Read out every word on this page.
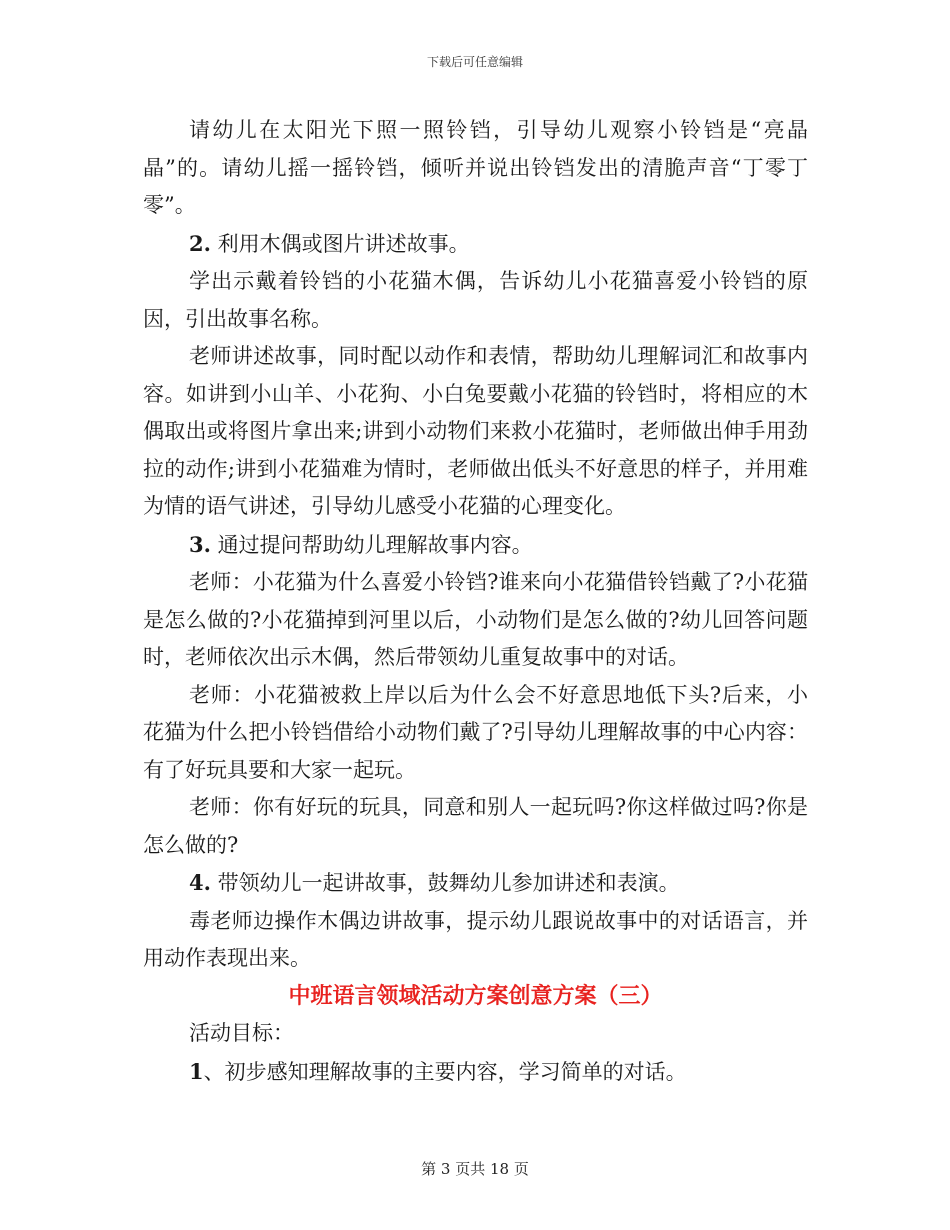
下载后可任意编辑

请幼儿在太阳光下照一照铃铛，引导幼儿观察小铃铛是“亮晶晶”的。请幼儿摇一摇铃铛，倾听并说出铃铛发出的清脆声音“丁零丁零”。

2. 利用木偶或图片讲述故事。

学出示戴着铃铛的小花猫木偶，告诉幼儿小花猫喜爱小铃铛的原因，引出故事名称。

老师讲述故事，同时配以动作和表情，帮助幼儿理解词汇和故事内容。如讲到小山羊、小花狗、小白兔要戴小花猫的铃铛时，将相应的木偶取出或将图片拿出来;讲到小动物们来救小花猫时，老师做出伸手用劲拉的动作;讲到小花猫难为情时，老师做出低头不好意思的样子，并用难为情的语气讲述，引导幼儿感受小花猫的心理变化。

3. 通过提问帮助幼儿理解故事内容。

老师：小花猫为什么喜爱小铃铛?谁来向小花猫借铃铛戴了?小花猫是怎么做的?小花猫掉到河里以后，小动物们是怎么做的?幼儿回答问题时，老师依次出示木偶，然后带领幼儿重复故事中的对话。

老师：小花猫被救上岸以后为什么会不好意思地低下头?后来，小花猫为什么把小铃铛借给小动物们戴了?引导幼儿理解故事的中心内容：有了好玩具要和大家一起玩。

老师：你有好玩的玩具，同意和别人一起玩吗?你这样做过吗?你是怎么做的?

4. 带领幼儿一起讲故事，鼓舞幼儿参加讲述和表演。

毒老师边操作木偶边讲故事，提示幼儿跟说故事中的对话语言，并用动作表现出来。

中班语言领域活动方案创意方案（三）

活动目标：

1、初步感知理解故事的主要内容，学习简单的对话。

第 3 页共 18 页
